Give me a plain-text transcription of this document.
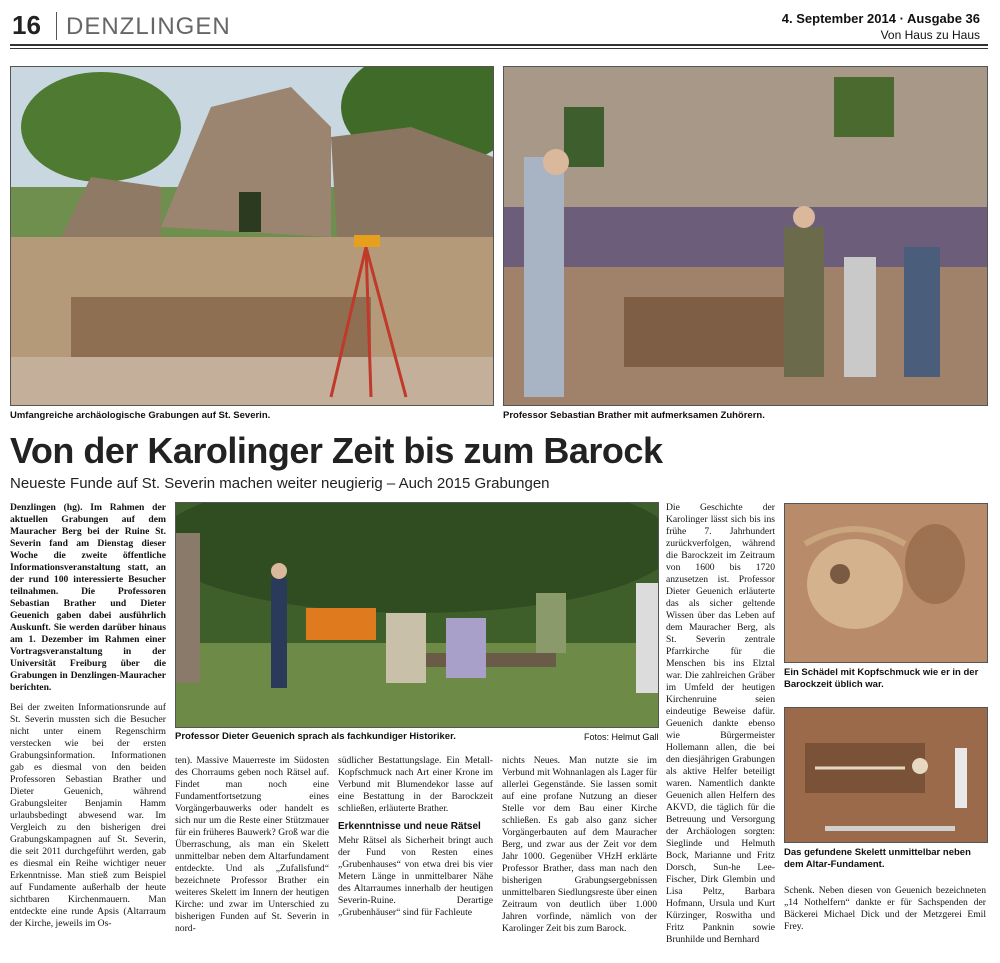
16 DENZLINGEN	4. September 2014 · Ausgabe 36
Von Haus zu Haus
Umfangreiche archäologische Grabungen auf St. Severin.	Professor Sebastian Brather mit aufmerksamen Zuhörern.
Von der Karolinger Zeit bis zum Barock
Neueste Funde auf St. Severin machen weiter neugierig – Auch 2015 Grabungen
Professor Dieter Geuenich sprach als fachkundiger Historiker.	Fotos: Helmut Gall
Ein Schädel mit Kopfschmuck wie er in der Barockzeit üblich war.
Das gefundene Skelett unmittelbar neben dem Altar-Fundament.

Denzlingen (hg). Im Rahmen der aktuellen Grabungen auf dem Mauracher Berg bei der Ruine St. Severin fand am Dienstag dieser Woche die zweite öffentliche Informationsveranstaltung statt, an der rund 100 interessierte Besucher teilnahmen. Die Professoren Sebastian Brather und Dieter Geuenich gaben dabei ausführlich Auskunft. Sie werden darüber hinaus am 1. Dezember im Rahmen einer Vortragsveranstaltung in der Universität Freiburg über die Grabungen in Denzlingen-Mauracher berichten.

Bei der zweiten Informationsrunde auf St. Severin mussten sich die Besucher nicht unter einem Regenschirm verstecken wie bei der ersten Grabungsinformation. Informationen gab es diesmal von den beiden Professoren Sebastian Brather und Dieter Geuenich, während Grabungsleiter Benjamin Hamm urlaubsbedingt abwesend war. Im Vergleich zu den bisherigen drei Grabungskampagnen auf St. Severin, die seit 2011 durchgeführt werden, gab es diesmal ein Reihe wichtiger neuer Erkenntnisse. Man stieß zum Beispiel auf Fundamente außerhalb der heute sichtbaren Kirchenmauern. Man entdeckte eine runde Apsis (Altarraum der Kirche, jeweils im Os-

ten). Massive Mauerreste im Südosten des Chorraums geben noch Rätsel auf. Findet man noch eine Fundamentfortsetzung eines Vorgängerbauwerks oder handelt es sich nur um die Reste einer Stützmauer für ein früheres Bauwerk? Groß war die Überraschung, als man ein Skelett unmittelbar neben dem Altarfundament entdeckte. Und als „Zufallsfund“ bezeichnete Professor Brather ein weiteres Skelett im Innern der heutigen Kirche: und zwar im Unterschied zu bisherigen Funden auf St. Severin in nord-

südlicher Bestattungslage. Ein Metall-Kopfschmuck nach Art einer Krone im Verbund mit Blumendekor lasse auf eine Bestattung in der Barockzeit schließen, erläuterte Brather.

Erkenntnisse und neue Rätsel

Mehr Rätsel als Sicherheit bringt auch der Fund von Resten eines „Grubenhauses“ von etwa drei bis vier Metern Länge in unmittelbarer Nähe des Altarraumes innerhalb der heutigen Severin-Ruine. Derartige „Grubenhäuser“ sind für Fachleute

nichts Neues. Man nutzte sie im Verbund mit Wohnanlagen als Lager für allerlei Gegenstände. Sie lassen somit auf eine profane Nutzung an dieser Stelle vor dem Bau einer Kirche schließen. Es gab also ganz sicher Vorgängerbauten auf dem Mauracher Berg, und zwar aus der Zeit vor dem Jahr 1000. Gegenüber VHzH erklärte Professor Brather, dass man nach den bisherigen Grabungsergebnissen unmittelbaren Siedlungsreste über einen Zeitraum von deutlich über 1.000 Jahren vorfinde, nämlich von der Karolinger Zeit bis zum Barock.

Die Geschichte der Karolinger lässt sich bis ins frühe 7. Jahrhundert zurückverfolgen, während die Barockzeit im Zeitraum von 1600 bis 1720 anzusetzen ist. Professor Dieter Geuenich erläuterte das als sicher geltende Wissen über das Leben auf dem Mauracher Berg, als St. Severin zentrale Pfarrkirche für die Menschen bis ins Elztal war. Die zahlreichen Gräber im Umfeld der heutigen Kirchenruine seien eindeutige Beweise dafür. Geuenich dankte ebenso wie Bürgermeister Hollemann allen, die bei den diesjährigen Grabungen als aktive Helfer beteiligt waren. Namentlich dankte Geuenich allen Helfern des AKVD, die täglich für die Betreuung und Versorgung der Archäologen sorgten: Sieglinde und Helmuth Bock, Marianne und Fritz Dorsch, Sun-he Lee-Fischer, Dirk Glembin und Lisa Peltz, Barbara Hofmann, Ursula und Kurt Kürzinger, Roswitha und Fritz Panknin sowie Brunhilde und Bernhard

Schenk. Neben diesen von Geuenich bezeichneten „14 Nothelfern“ dankte er für Sachspenden der Bäckerei Michael Dick und der Metzgerei Emil Frey.
